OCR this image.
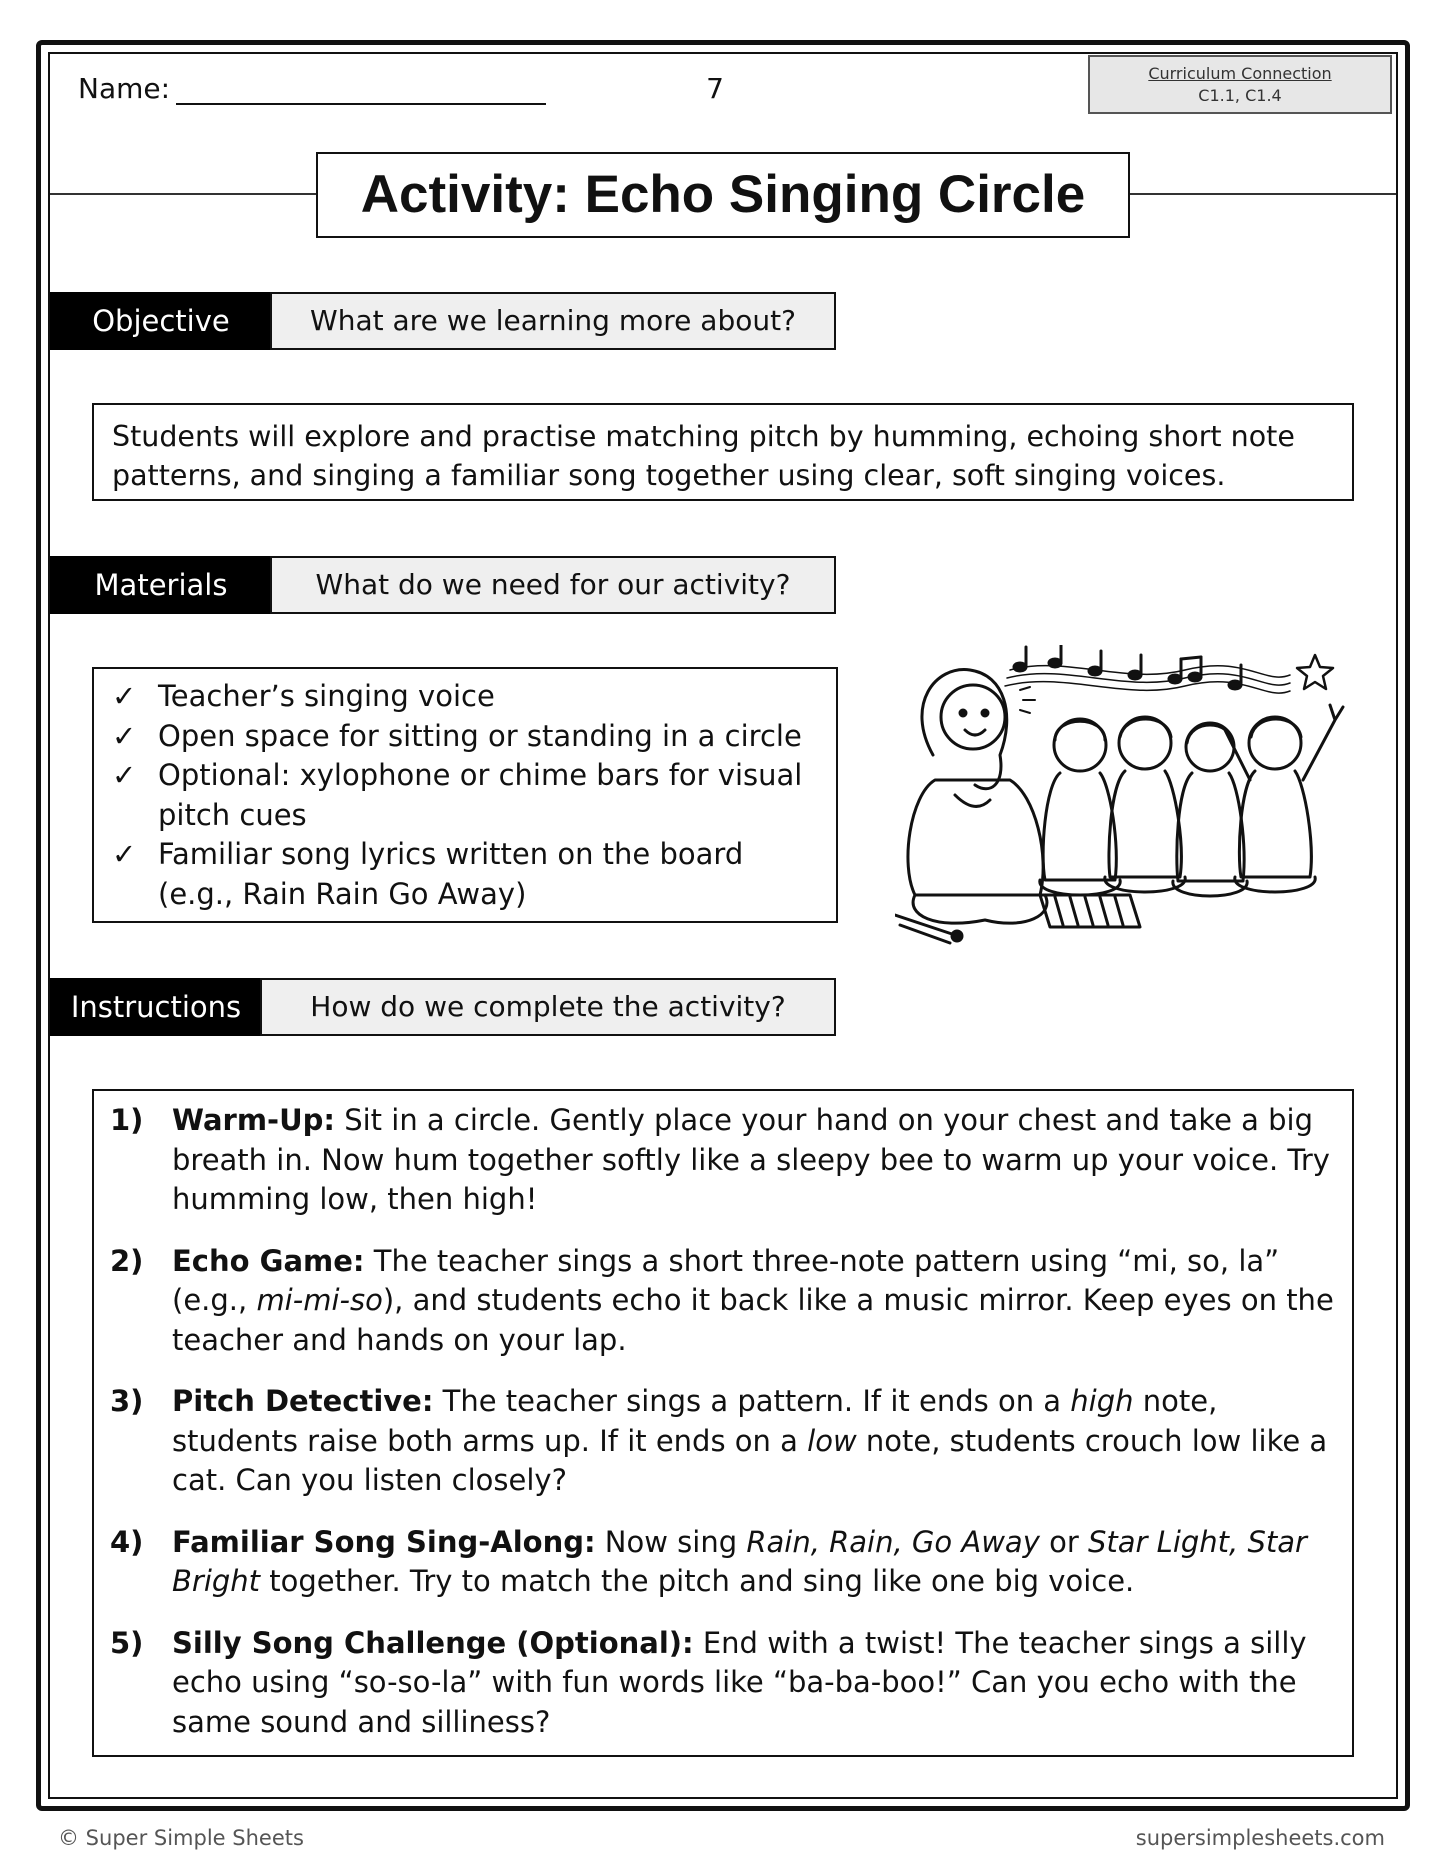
Name:	7	Curriculum Connection
C1.1, C1.4
Activity: Echo Singing Circle
Objective	What are we learning more about?
Students will explore and practise matching pitch by humming, echoing short note patterns, and singing a familiar song together using clear, soft singing voices.
Materials	What do we need for our activity?
✓ Teacher’s singing voice
✓ Open space for sitting or standing in a circle
✓ Optional: xylophone or chime bars for visual pitch cues
✓ Familiar song lyrics written on the board (e.g., Rain Rain Go Away)
Instructions	How do we complete the activity?
1) Warm-Up: Sit in a circle. Gently place your hand on your chest and take a big breath in. Now hum together softly like a sleepy bee to warm up your voice. Try humming low, then high!
2) Echo Game: The teacher sings a short three-note pattern using “mi, so, la” (e.g., mi-mi-so), and students echo it back like a music mirror. Keep eyes on the teacher and hands on your lap.
3) Pitch Detective: The teacher sings a pattern. If it ends on a high note, students raise both arms up. If it ends on a low note, students crouch low like a cat. Can you listen closely?
4) Familiar Song Sing-Along: Now sing Rain, Rain, Go Away or Star Light, Star Bright together. Try to match the pitch and sing like one big voice.
5) Silly Song Challenge (Optional): End with a twist! The teacher sings a silly echo using “so-so-la” with fun words like “ba-ba-boo!” Can you echo with the same sound and silliness?
© Super Simple Sheets	supersimplesheets.com
